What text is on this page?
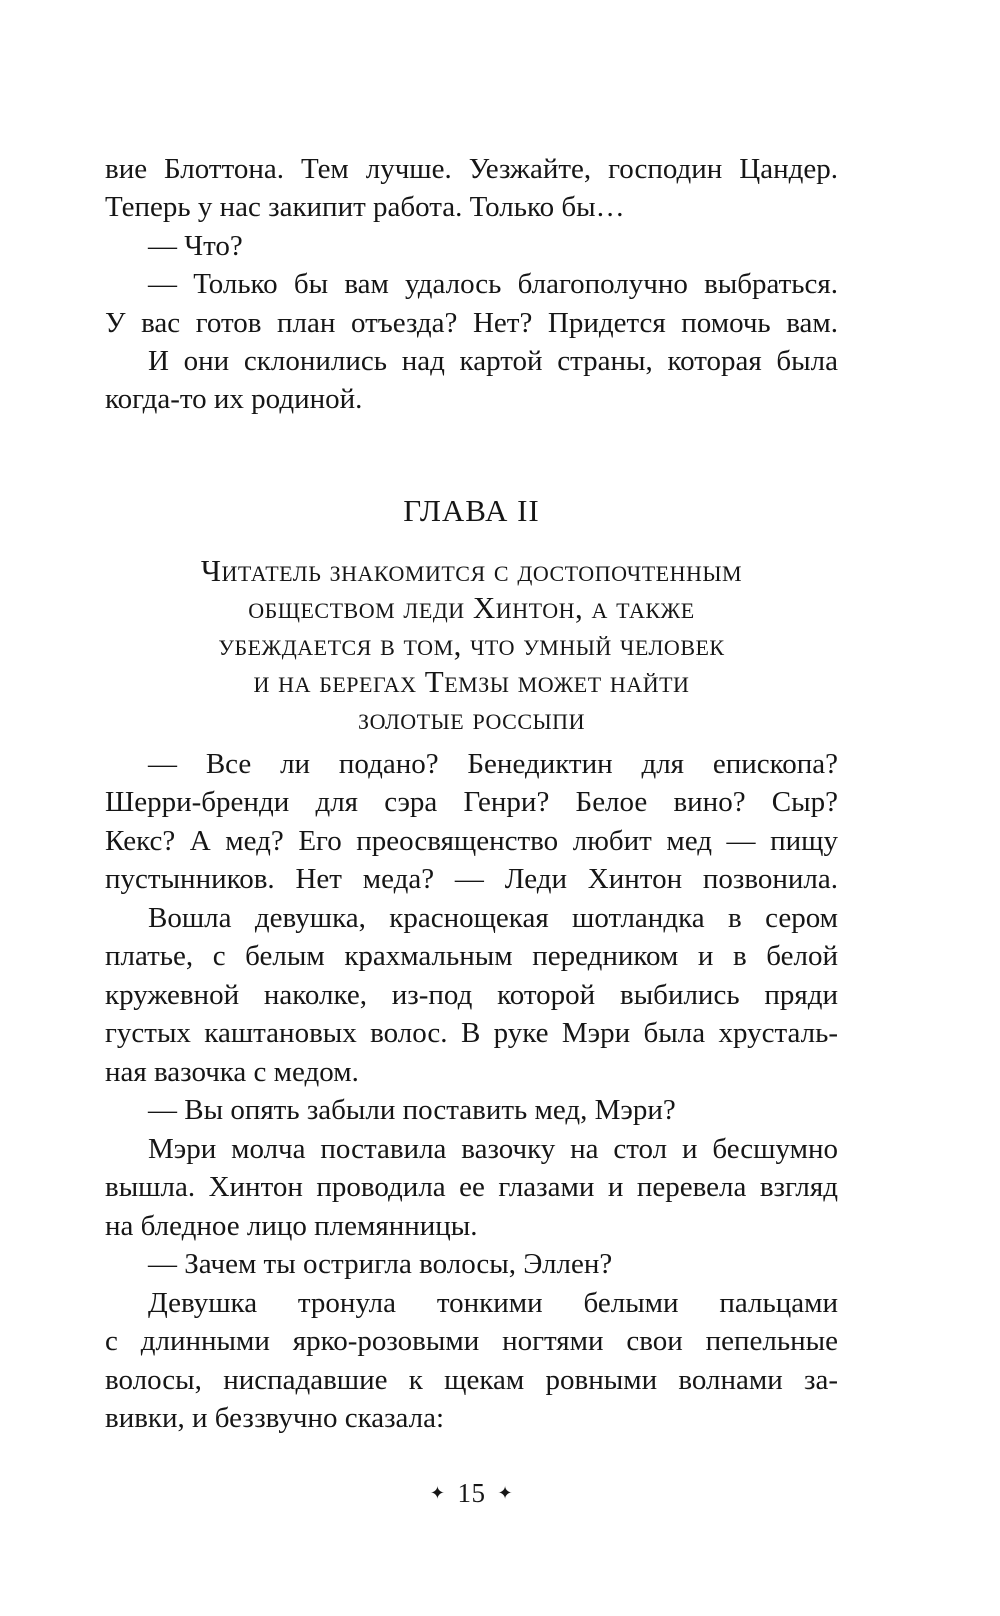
вие Блоттона. Тем лучше. Уезжайте, господин Цандер.
Теперь у нас закипит работа. Только бы…
— Что?
— Только бы вам удалось благополучно выбраться.
У вас готов план отъезда? Нет? Придется помочь вам.
И они склонились над картой страны, которая была
когда-то их родиной.
ГЛАВА II
Читатель знакомится с достопочтенным
обществом леди Хинтон, а также
убеждается в том, что умный человек
и на берегах Темзы может найти
золотые россыпи
— Все ли подано? Бенедиктин для епископа?
Шерри-бренди для сэра Генри? Белое вино? Сыр?
Кекс? А мед? Его преосвященство любит мед — пищу
пустынников. Нет меда? — Леди Хинтон позвонила.
Вошла девушка, краснощекая шотландка в сером
платье, с белым крахмальным передником и в белой
кружевной наколке, из-под которой выбились пряди
густых каштановых волос. В руке Мэри была хрусталь-
ная вазочка с медом.
— Вы опять забыли поставить мед, Мэри?
Мэри молча поставила вазочку на стол и бесшумно
вышла. Хинтон проводила ее глазами и перевела взгляд
на бледное лицо племянницы.
— Зачем ты остригла волосы, Эллен?
Девушка тронула тонкими белыми пальцами
с длинными ярко-розовыми ногтями свои пепельные
волосы, ниспадавшие к щекам ровными волнами за-
вивки, и беззвучно сказала:
✦ 15 ✦
